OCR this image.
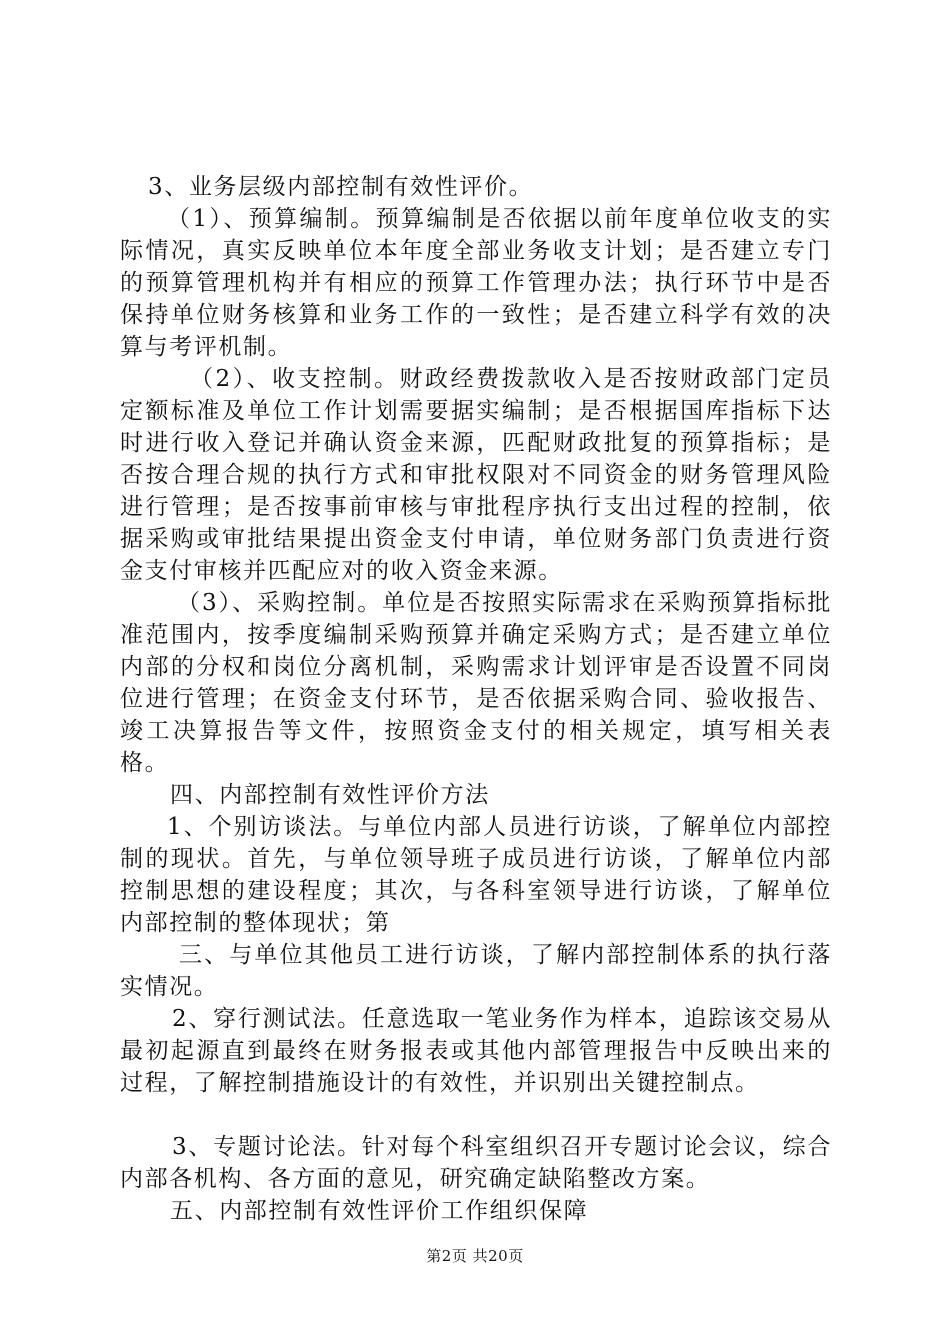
3、业务层级内部控制有效性评价。

（1）、预算编制。预算编制是否依据以前年度单位收支的实际情况，真实反映单位本年度全部业务收支计划；是否建立专门的预算管理机构并有相应的预算工作管理办法；执行环节中是否保持单位财务核算和业务工作的一致性；是否建立科学有效的决算与考评机制。

（2）、收支控制。财政经费拨款收入是否按财政部门定员定额标准及单位工作计划需要据实编制；是否根据国库指标下达时进行收入登记并确认资金来源，匹配财政批复的预算指标；是否按合理合规的执行方式和审批权限对不同资金的财务管理风险进行管理；是否按事前审核与审批程序执行支出过程的控制，依据采购或审批结果提出资金支付申请，单位财务部门负责进行资金支付审核并匹配应对的收入资金来源。

（3）、采购控制。单位是否按照实际需求在采购预算指标批准范围内，按季度编制采购预算并确定采购方式；是否建立单位内部的分权和岗位分离机制，采购需求计划评审是否设置不同岗位进行管理；在资金支付环节，是否依据采购合同、验收报告、竣工决算报告等文件，按照资金支付的相关规定，填写相关表格。

四、内部控制有效性评价方法

1、个别访谈法。与单位内部人员进行访谈，了解单位内部控制的现状。首先，与单位领导班子成员进行访谈，了解单位内部控制思想的建设程度；其次，与各科室领导进行访谈，了解单位内部控制的整体现状；第

三、与单位其他员工进行访谈，了解内部控制体系的执行落实情况。

2、穿行测试法。任意选取一笔业务作为样本，追踪该交易从最初起源直到最终在财务报表或其他内部管理报告中反映出来的过程，了解控制措施设计的有效性，并识别出关键控制点。

3、专题讨论法。针对每个科室组织召开专题讨论会议，综合内部各机构、各方面的意见，研究确定缺陷整改方案。

五、内部控制有效性评价工作组织保障

第2页 共20页
